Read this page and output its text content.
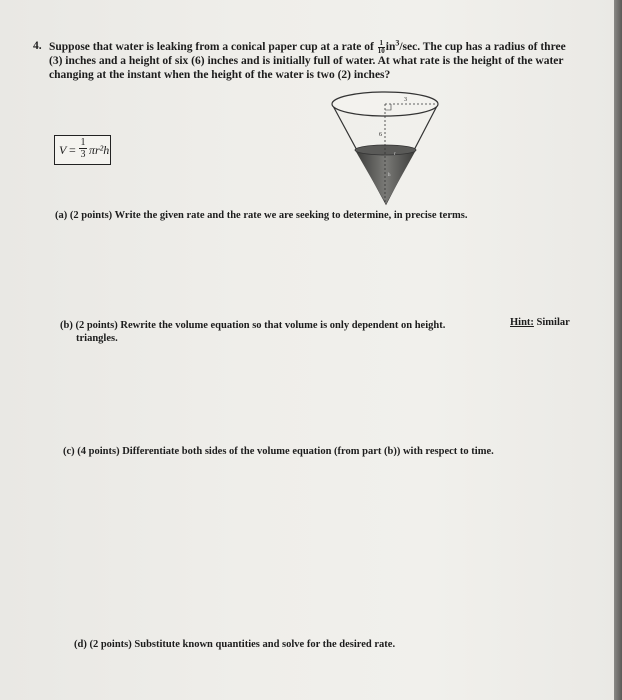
4. Suppose that water is leaking from a conical paper cup at a rate of $\frac{1}{10} in^3/\sec$. The cup has a radius of three (3) inches and a height of six (6) inches and is initially full of water. At what rate is the height of the water changing at the instant when the height of the water is two (2) inches?
$V = \frac{1}{3} \pi r^2h$
3
6
r
h
(a) (2 points) Write the given rate and the rate we are seeking to determine, in precise terms.
(b) (2 points) Rewrite the volume equation so that volume is only dependent on height.
triangles.
Hint: Similar
(c) (4 points) Differentiate both sides of the volume equation (from part (b)) with respect to time.
(d) (2 points) Substitute known quantities and solve for the desired rate.
